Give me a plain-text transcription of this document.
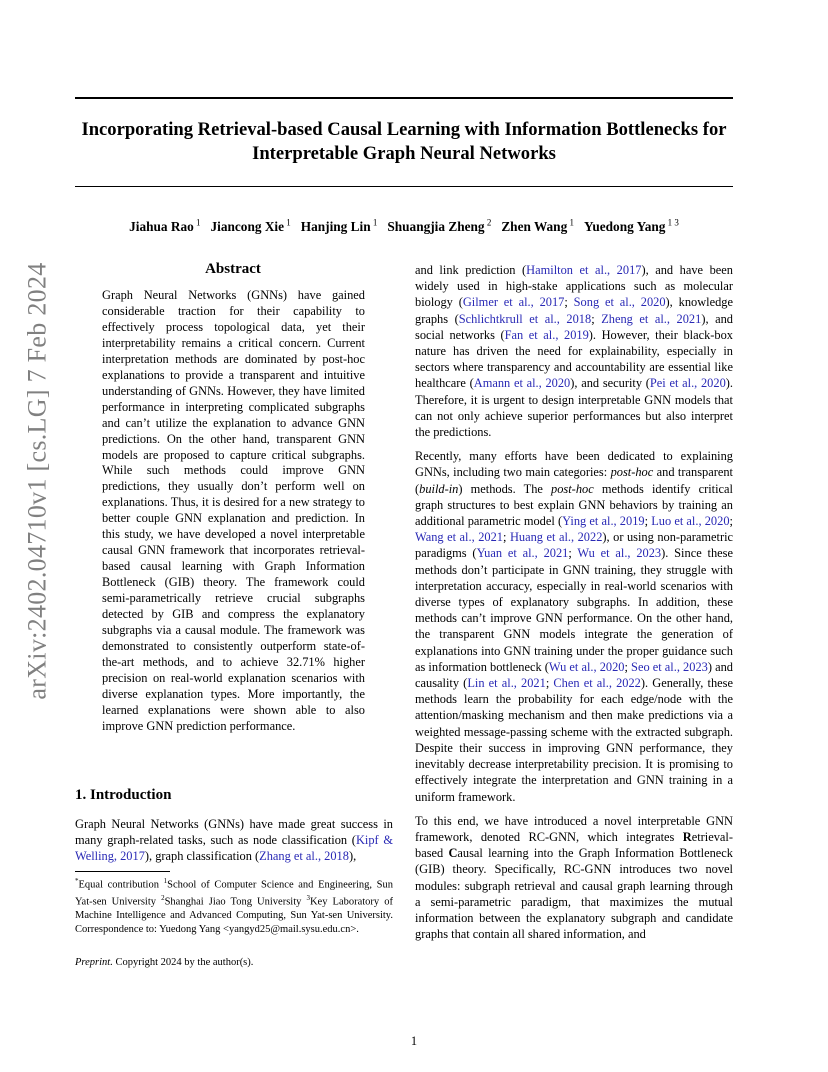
Incorporating Retrieval-based Causal Learning with Information Bottlenecks for Interpretable Graph Neural Networks
Jiahua Rao $^1$ Jiancong Xie $^1$ Hanjing Lin $^1$ Shuangjia Zheng $^2$ Zhen Wang $^1$ Yuedong Yang $^{1 3}$
arXiv:2402.04710v1 [cs.LG] 7 Feb 2024	Abstract
Graph Neural Networks (GNNs) have gained considerable traction for their capability to effectively process topological data, yet their interpretability remains a critical concern. Current interpretation methods are dominated by post-hoc explanations to provide a transparent and intuitive understanding of GNNs. However, they have limited performance in interpreting complicated subgraphs and can’t utilize the explanation to advance GNN predictions. On the other hand, transparent GNN models are proposed to capture critical subgraphs. While such methods could improve GNN predictions, they usually don’t perform well on explanations. Thus, it is desired for a new strategy to better couple GNN explanation and prediction. In this study, we have developed a novel interpretable causal GNN framework that incorporates retrieval-based causal learning with Graph Information Bottleneck (GIB) theory. The framework could semi-parametrically retrieve crucial subgraphs detected by GIB and compress the explanatory subgraphs via a causal module. The framework was demonstrated to consistently outperform state-of-the-art methods, and to achieve 32.71% higher precision on real-world explanation scenarios with diverse explanation types. More importantly, the learned explanations were shown able to also improve GNN prediction performance.
1. Introduction
Graph Neural Networks (GNNs) have made great success in many graph-related tasks, such as node classification (Kipf & Welling, 2017), graph classification (Zhang et al., 2018),
*Equal contribution $^1$School of Computer Science and Engineering, Sun Yat-sen University $^2$Shanghai Jiao Tong University $^3$Key Laboratory of Machine Intelligence and Advanced Computing, Sun Yat-sen University. Correspondence to: Yuedong Yang <yangyd25@mail.sysu.edu.cn>.
Preprint. Copyright 2024 by the author(s).

and link prediction (Hamilton et al., 2017), and have been widely used in high-stake applications such as molecular biology (Gilmer et al., 2017; Song et al., 2020), knowledge graphs (Schlichtkrull et al., 2018; Zheng et al., 2021), and social networks (Fan et al., 2019). However, their black-box nature has driven the need for explainability, especially in sectors where transparency and accountability are essential like healthcare (Amann et al., 2020), and security (Pei et al., 2020). Therefore, it is urgent to design interpretable GNN models that can not only achieve superior performances but also interpret the predictions.

Recently, many efforts have been dedicated to explaining GNNs, including two main categories: post-hoc and transparent (build-in) methods. The post-hoc methods identify critical graph structures to best explain GNN behaviors by training an additional parametric model (Ying et al., 2019; Luo et al., 2020; Wang et al., 2021; Huang et al., 2022), or using non-parametric paradigms (Yuan et al., 2021; Wu et al., 2023). Since these methods don’t participate in GNN training, they struggle with interpretation accuracy, especially in real-world scenarios with diverse types of explanatory subgraphs. In addition, these methods can’t improve GNN performance. On the other hand, the transparent GNN models integrate the generation of explanations into GNN training under the proper guidance such as information bottleneck (Wu et al., 2020; Seo et al., 2023) and causality (Lin et al., 2021; Chen et al., 2022). Generally, these methods learn the probability for each edge/node with the attention/masking mechanism and then make predictions via a weighted message-passing scheme with the extracted subgraph. Despite their success in improving GNN performance, they inevitably decrease interpretability precision. It is promising to effectively integrate the interpretation and GNN training in a uniform framework.

To this end, we have introduced a novel interpretable GNN framework, denoted RC-GNN, which integrates Retrieval-based Causal learning into the Graph Information Bottleneck (GIB) theory. Specifically, RC-GNN introduces two novel modules: subgraph retrieval and causal graph learning through a semi-parametric paradigm, that maximizes the mutual information between the explanatory subgraph and candidate graphs that contain all shared information, and

1
